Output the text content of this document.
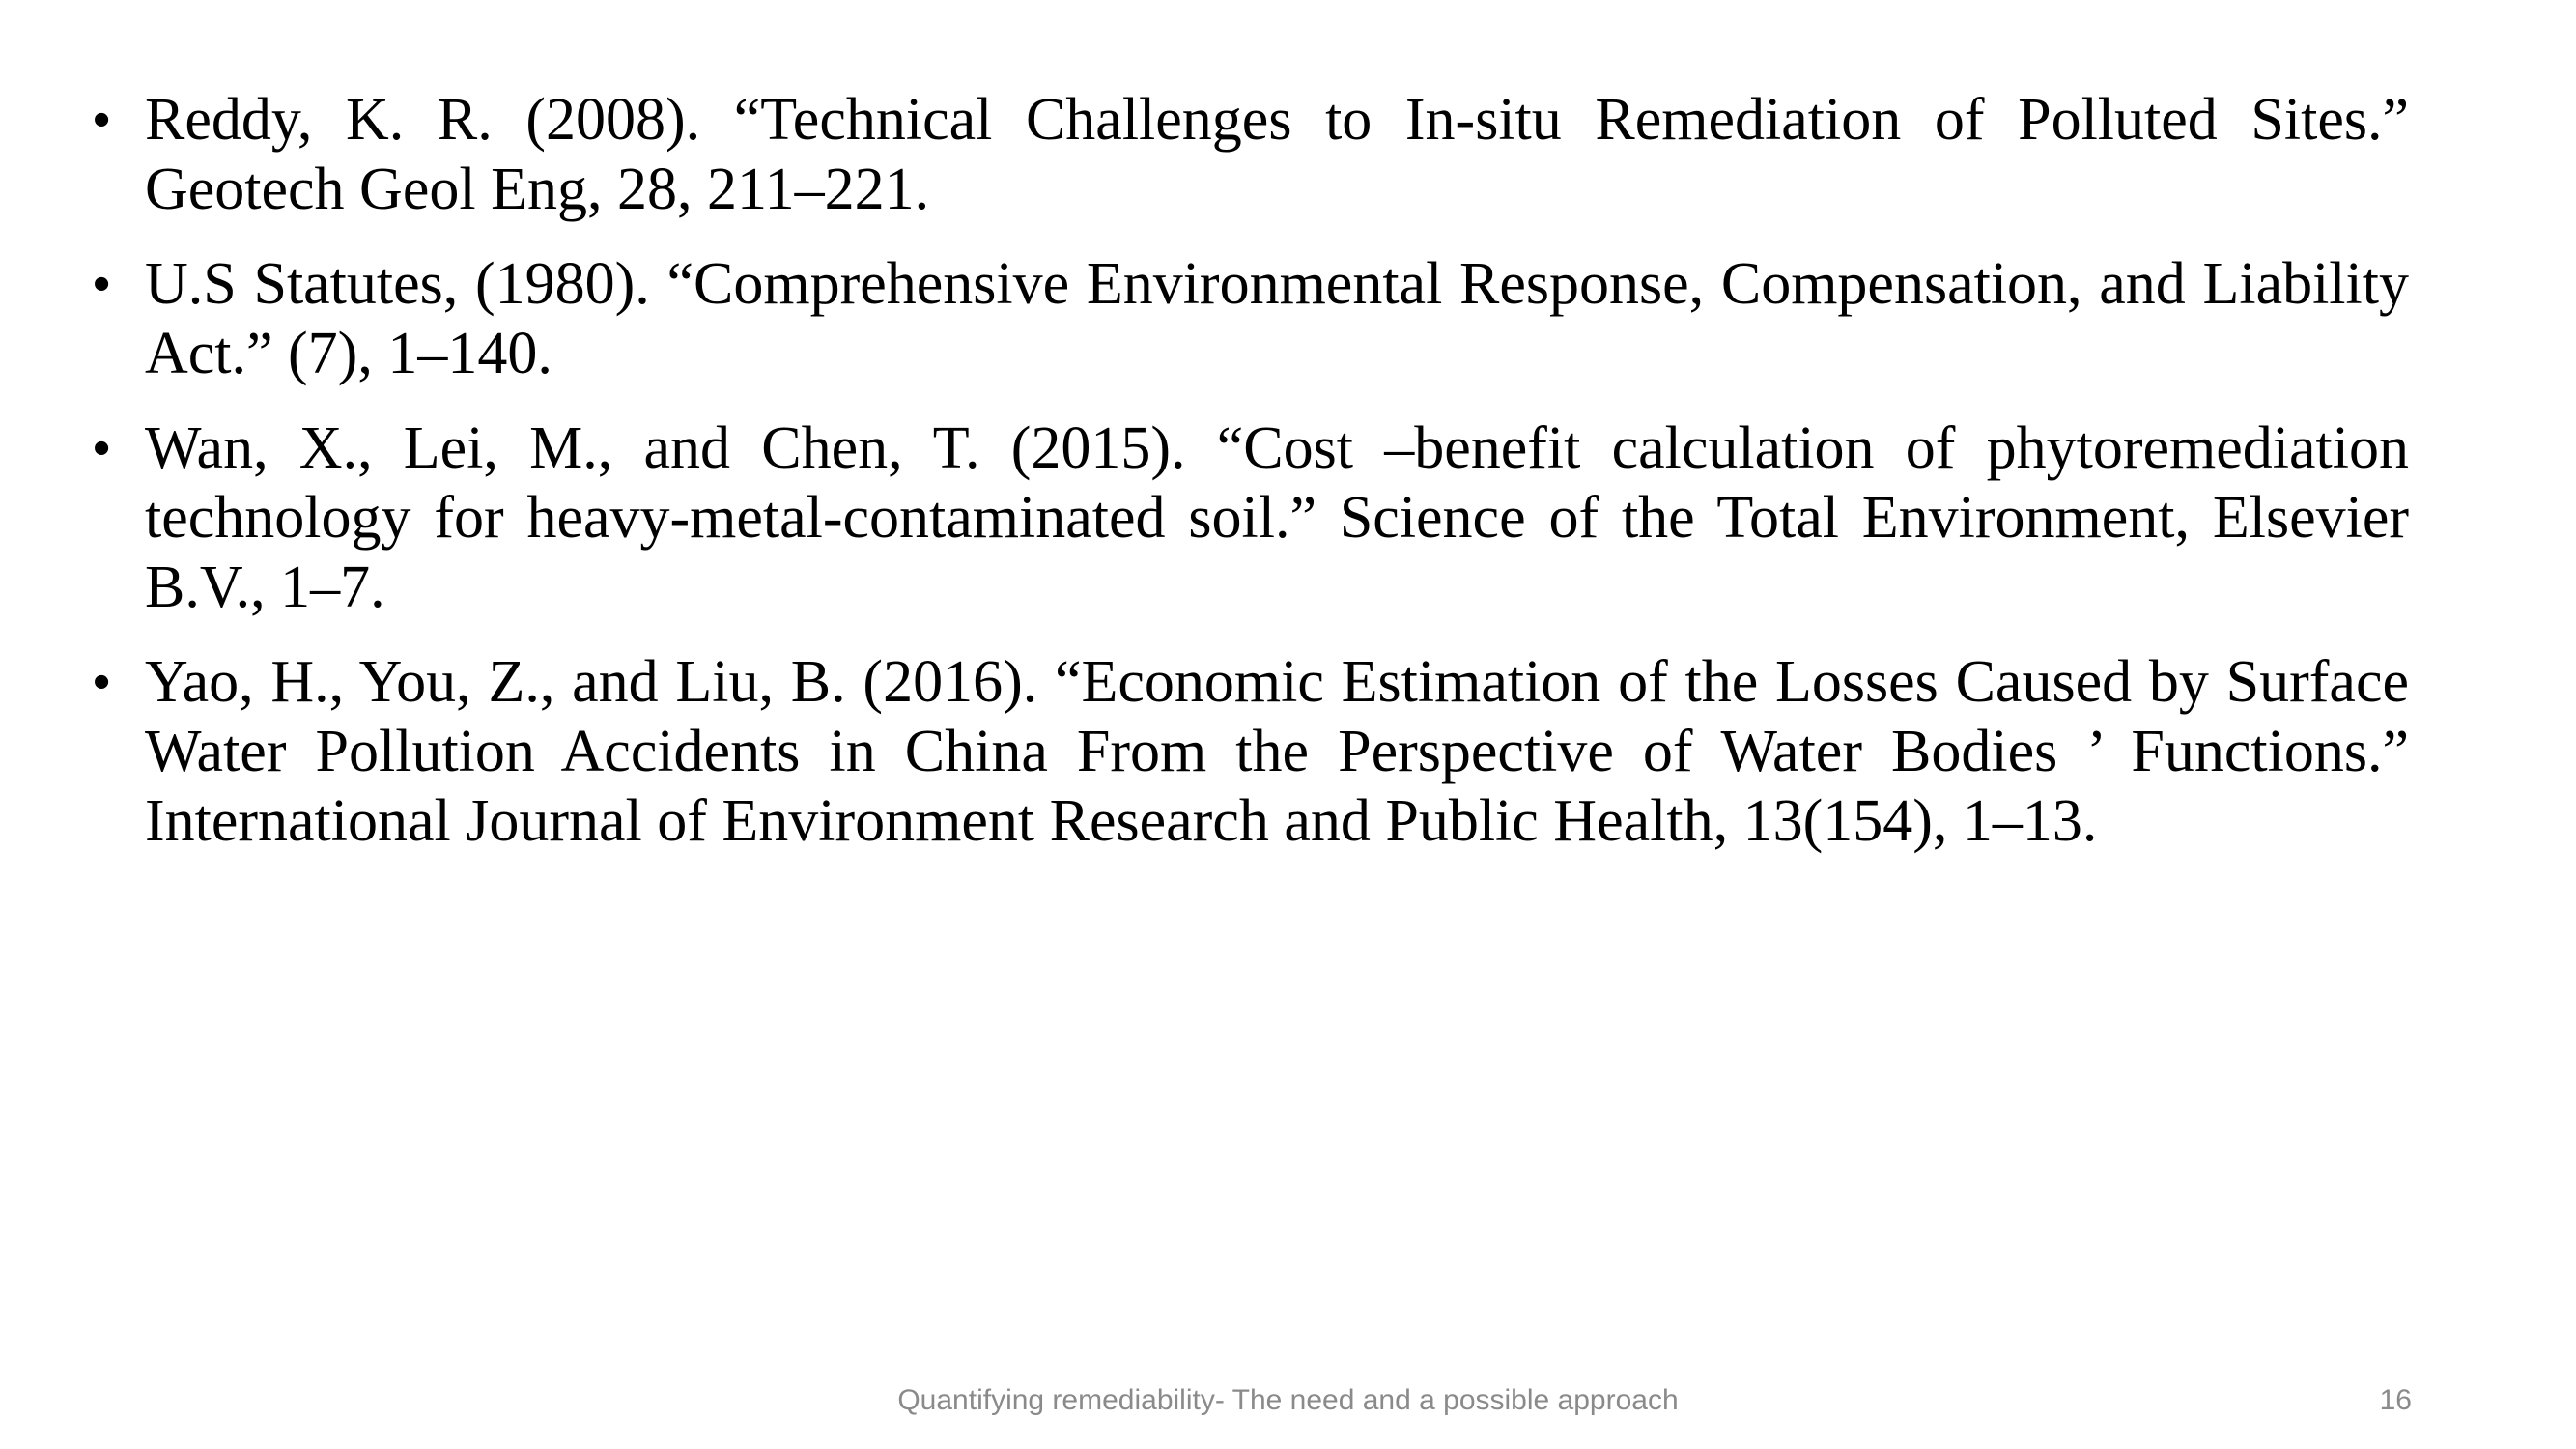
• Reddy, K. R. (2008). “Technical Challenges to In-situ Remediation of Polluted Sites.” Geotech Geol Eng, 28, 211–221.
• U.S Statutes, (1980). “Comprehensive Environmental Response, Compensation, and Liability Act.” (7), 1–140.
• Wan, X., Lei, M., and Chen, T. (2015). “Cost –benefit calculation of phytoremediation technology for heavy-metal-contaminated soil.” Science of the Total Environment, Elsevier B.V., 1–7.
• Yao, H., You, Z., and Liu, B. (2016). “Economic Estimation of the Losses Caused by Surface Water Pollution Accidents in China From the Perspective of Water Bodies ’ Functions.” International Journal of Environment Research and Public Health, 13(154), 1–13.
Quantifying remediability- The need and a possible approach	16
